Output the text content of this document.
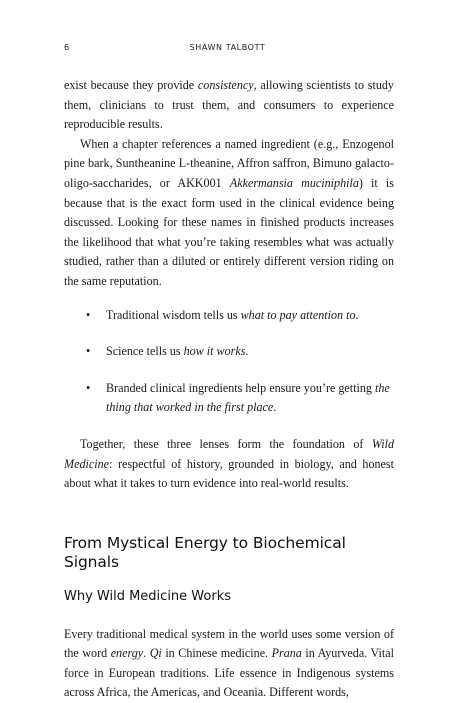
6	SHAWN TALBOTT

exist because they provide consistency, allowing scientists to study them, clinicians to trust them, and consumers to experience reproducible results.

When a chapter references a named ingredient (e.g., Enzogenol pine bark, Suntheanine L-theanine, Affron saffron, Bimuno galacto-oligo-saccharides, or AKK001 Akkermansia muciniphila) it is because that is the exact form used in the clinical evidence being discussed. Looking for these names in finished products increases the likelihood that what you’re taking resembles what was actually studied, rather than a diluted or entirely different version riding on the same reputation.

• Traditional wisdom tells us what to pay attention to.
• Science tells us how it works.
• Branded clinical ingredients help ensure you’re getting the thing that worked in the first place.

Together, these three lenses form the foundation of Wild Medicine: respectful of history, grounded in biology, and honest about what it takes to turn evidence into real-world results.

From Mystical Energy to Biochemical Signals
Why Wild Medicine Works

Every traditional medical system in the world uses some version of the word energy. Qi in Chinese medicine. Prana in Ayurveda. Vital force in European traditions. Life essence in Indigenous systems across Africa, the Americas, and Oceania. Different words,
